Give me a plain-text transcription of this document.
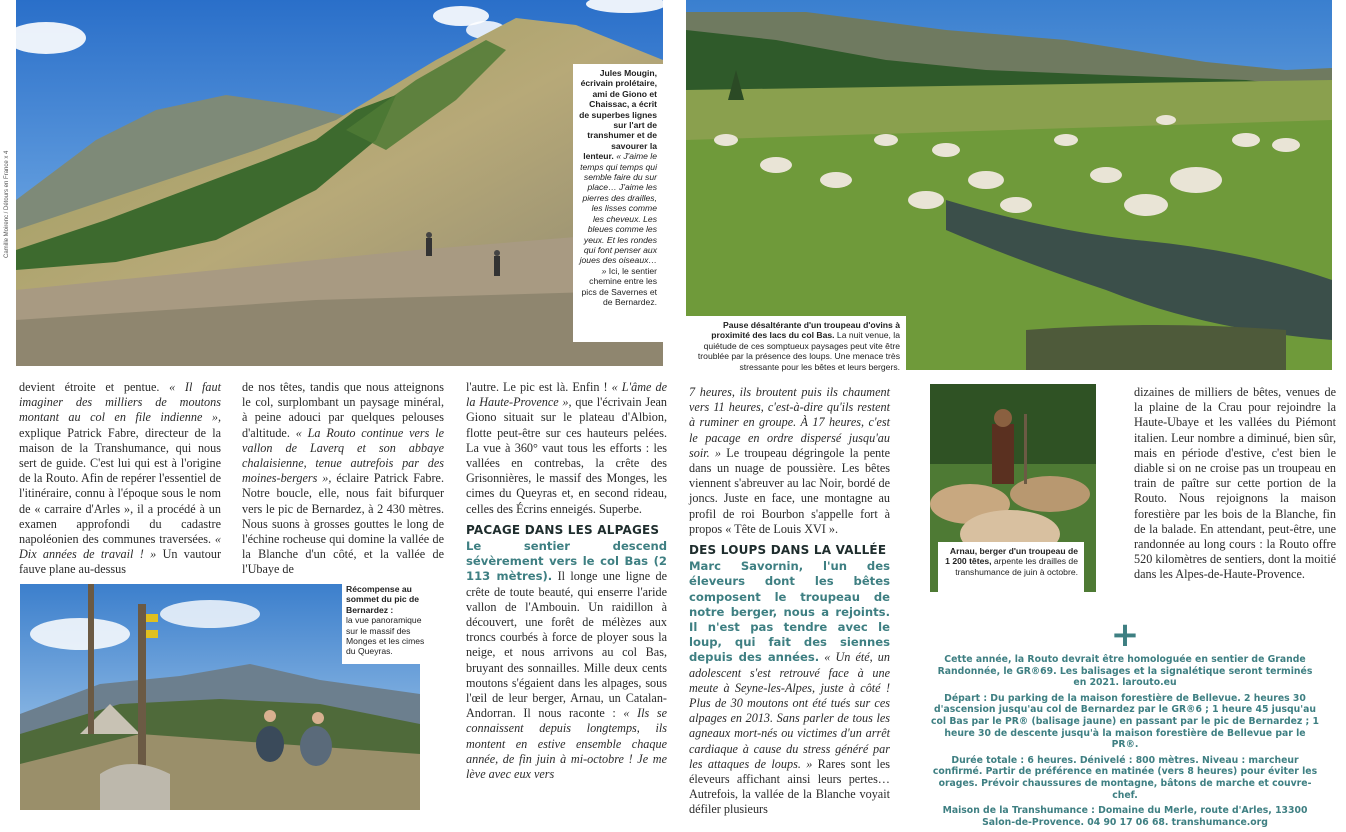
Camille Moirenc / Détours en France x 4
Jules Mougin, écrivain prolétaire, ami de Giono et Chaissac, a écrit de superbes lignes sur l'art de transhumer et de savourer la lenteur. « J'aime le temps qui temps qui semble faire du sur place… J'aime les pierres des drailles, les lisses comme les cheveux. Les bleues comme les yeux. Et les rondes qui font penser aux joues des oiseaux… » Ici, le sentier chemine entre les pics de Savernes et de Bernardez.
Pause désaltérante d'un troupeau d'ovins à proximité des lacs du col Bas. La nuit venue, la quiétude de ces somptueux paysages peut vite être troublée par la présence des loups. Une menace très stressante pour les bêtes et leurs bergers.

devient étroite et pentue. « Il faut imaginer des milliers de moutons montant au col en file indienne », explique Patrick Fabre, directeur de la maison de la Transhumance, qui nous sert de guide. C'est lui qui est à l'origine de la Routo. Afin de repérer l'essentiel de l'itinéraire, connu à l'époque sous le nom de « carraire d'Arles », il a procédé à un examen approfondi du cadastre napoléonien des communes traversées. « Dix années de travail ! » Un vautour fauve plane au-dessus

de nos têtes, tandis que nous atteignons le col, surplombant un paysage minéral, à peine adouci par quelques pelouses d'altitude. « La Routo continue vers le vallon de Laverq et son abbaye chalaisienne, tenue autrefois par des moines-bergers », éclaire Patrick Fabre. Notre boucle, elle, nous fait bifurquer vers le pic de Bernardez, à 2 430 mètres. Nous suons à grosses gouttes le long de l'échine rocheuse qui domine la vallée de la Blanche d'un côté, et la vallée de l'Ubaye de

Récompense au sommet du pic de Bernardez :
la vue panoramique sur le massif des Monges et les cimes du Queyras.

l'autre. Le pic est là. Enfin ! « L'âme de la Haute-Provence », que l'écrivain Jean Giono situait sur le plateau d'Albion, flotte peut-être sur ces hauteurs pelées. La vue à 360° vaut tous les efforts : les vallées en contrebas, la crête des Grisonnières, le massif des Monges, les cimes du Queyras et, en second rideau, celles des Écrins enneigés. Superbe.

PACAGE DANS LES ALPAGES

Le sentier descend sévèrement vers le col Bas (2 113 mètres). Il longe une ligne de crête de toute beauté, qui enserre l'aride vallon de l'Ambouin. Un raidillon à découvert, une forêt de mélèzes aux troncs courbés à force de ployer sous la neige, et nous arrivons au col Bas, bruyant des sonnailles. Mille deux cents moutons s'égaient dans les alpages, sous l'œil de leur berger, Arnau, un Catalan-Andorran. Il nous raconte : « Ils se connaissent depuis longtemps, ils montent en estive ensemble chaque année, de fin juin à mi-octobre ! Je me lève avec eux vers

7 heures, ils broutent puis ils chaument vers 11 heures, c'est-à-dire qu'ils restent à ruminer en groupe. À 17 heures, c'est le pacage en ordre dispersé jusqu'au soir. » Le troupeau dégringole la pente dans un nuage de poussière. Les bêtes viennent s'abreuver au lac Noir, bordé de joncs. Juste en face, une montagne au profil de roi Bourbon s'appelle fort à propos « Tête de Louis XVI ».

DES LOUPS DANS LA VALLÉE

Marc Savornin, l'un des éleveurs dont les bêtes composent le troupeau de notre berger, nous a rejoints. Il n'est pas tendre avec le loup, qui fait des siennes depuis des années. « Un été, un adolescent s'est retrouvé face à une meute à Seyne-les-Alpes, juste à côté ! Plus de 30 moutons ont été tués sur ces alpages en 2013. Sans parler de tous les agneaux mort-nés ou victimes d'un arrêt cardiaque à cause du stress généré par les attaques de loups. » Rares sont les éleveurs affichant ainsi leurs pertes… Autrefois, la vallée de la Blanche voyait défiler plusieurs

Arnau, berger d'un troupeau de 1 200 têtes, arpente les drailles de transhumance de juin à octobre.

dizaines de milliers de bêtes, venues de la plaine de la Crau pour rejoindre la Haute-Ubaye et les vallées du Piémont italien. Leur nombre a diminué, bien sûr, mais en période d'estive, c'est bien le diable si on ne croise pas un troupeau en train de paître sur cette portion de la Routo. Nous rejoignons la maison forestière par les bois de la Blanche, fin de la balade. En attendant, peut-être, une randonnée au long cours : la Routo offre 520 kilomètres de sentiers, dont la moitié dans les Alpes-de-Haute-Provence.

+

Cette année, la Routo devrait être homologuée en sentier de Grande Randonnée, le GR®69. Les balisages et la signalétique seront terminés en 2021. larouto.eu

Départ : Du parking de la maison forestière de Bellevue. 2 heures 30 d'ascension jusqu'au col de Bernardez par le GR®6 ; 1 heure 45 jusqu'au col Bas par le PR® (balisage jaune) en passant par le pic de Bernardez ; 1 heure 30 de descente jusqu'à la maison forestière de Bellevue par le PR®.

Durée totale : 6 heures. Dénivelé : 800 mètres. Niveau : marcheur confirmé. Partir de préférence en matinée (vers 8 heures) pour éviter les orages. Prévoir chaussures de montagne, bâtons de marche et couvre-chef.

Maison de la Transhumance : Domaine du Merle, route d'Arles, 13300 Salon-de-Provence. 04 90 17 06 68. transhumance.org
